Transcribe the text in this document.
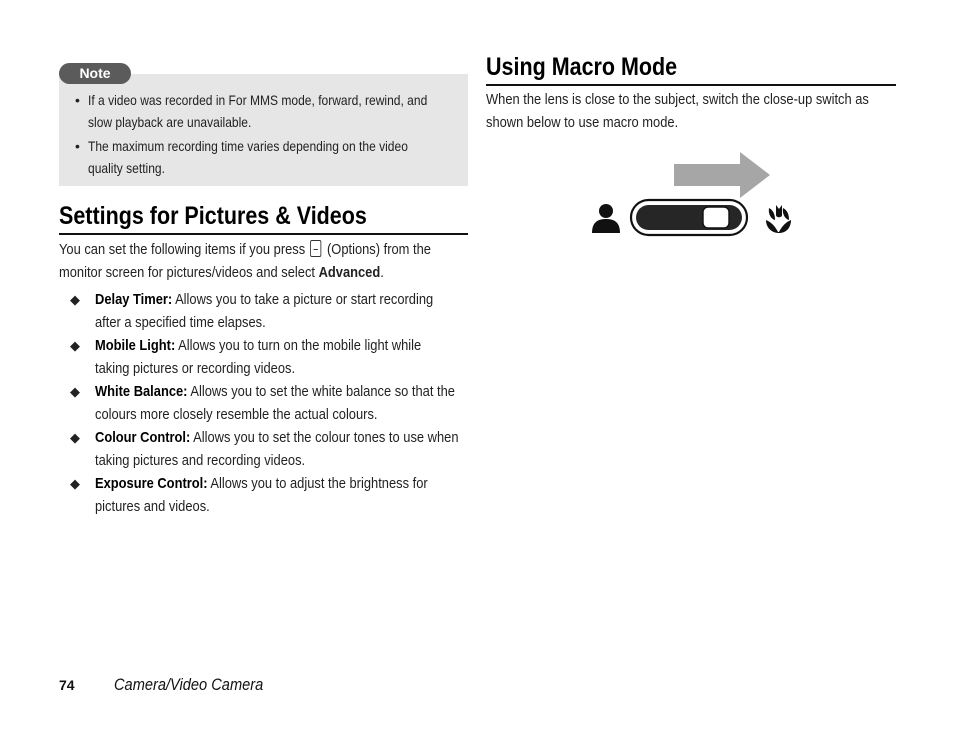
• If a video was recorded in For MMS mode, forward, rewind, and
slow playback are unavailable.
• The maximum recording time varies depending on the video
quality setting.
Note
Settings for Pictures & Videos
You can set the following items if you press (Options) from the
monitor screen for pictures/videos and select Advanced.
◆	Delay Timer: Allows you to take a picture or start recording
after a specified time elapses.
◆	Mobile Light: Allows you to turn on the mobile light while
taking pictures or recording videos.
◆	White Balance: Allows you to set the white balance so that the
colours more closely resemble the actual colours.
◆	Colour Control: Allows you to set the colour tones to use when
taking pictures and recording videos.
◆	Exposure Control: Allows you to adjust the brightness for
pictures and videos.
Using Macro Mode
When the lens is close to the subject, switch the close-up switch as
shown below to use macro mode.
74 Camera/Video Camera
